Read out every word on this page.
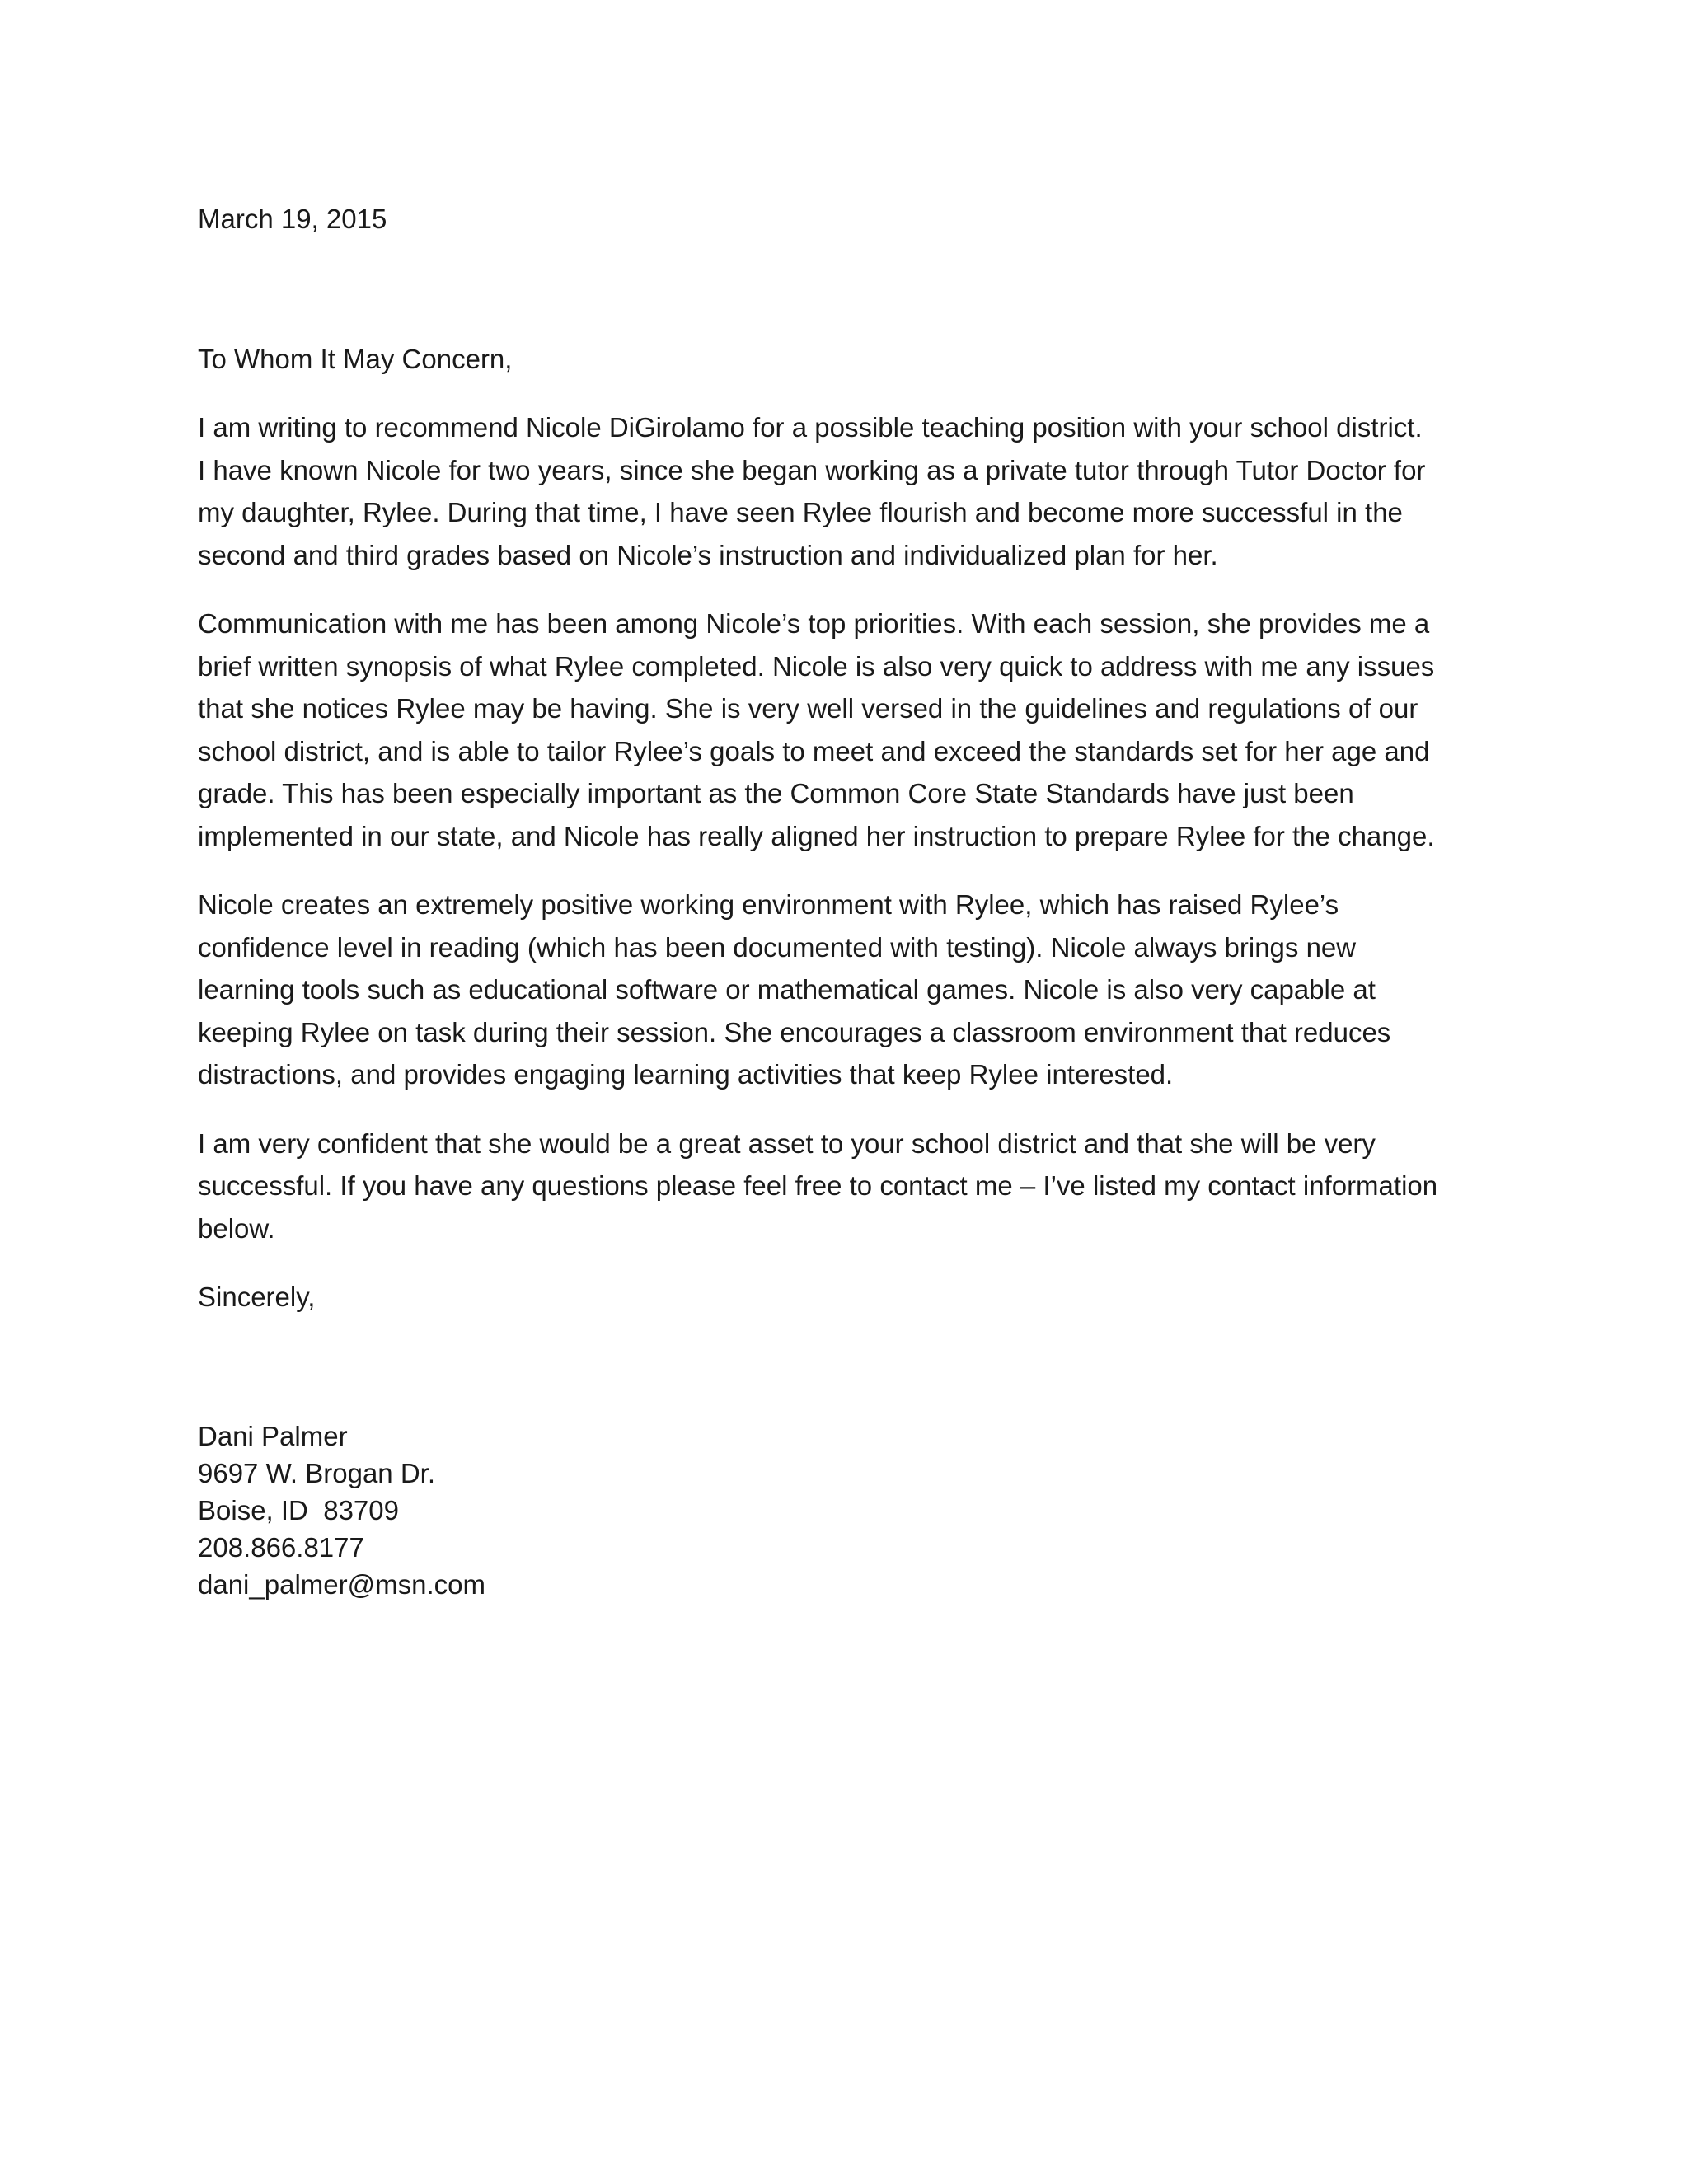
March 19, 2015

To Whom It May Concern,

I am writing to recommend Nicole DiGirolamo for a possible teaching position with your school district.
I have known Nicole for two years, since she began working as a private tutor through Tutor Doctor for
my daughter, Rylee. During that time, I have seen Rylee flourish and become more successful in the
second and third grades based on Nicole’s instruction and individualized plan for her.

Communication with me has been among Nicole’s top priorities. With each session, she provides me a
brief written synopsis of what Rylee completed. Nicole is also very quick to address with me any issues
that she notices Rylee may be having. She is very well versed in the guidelines and regulations of our
school district, and is able to tailor Rylee’s goals to meet and exceed the standards set for her age and
grade. This has been especially important as the Common Core State Standards have just been
implemented in our state, and Nicole has really aligned her instruction to prepare Rylee for the change.

Nicole creates an extremely positive working environment with Rylee, which has raised Rylee’s
confidence level in reading (which has been documented with testing). Nicole always brings new
learning tools such as educational software or mathematical games. Nicole is also very capable at
keeping Rylee on task during their session. She encourages a classroom environment that reduces
distractions, and provides engaging learning activities that keep Rylee interested.

I am very confident that she would be a great asset to your school district and that she will be very
successful. If you have any questions please feel free to contact me – I’ve listed my contact information
below.

Sincerely,

Dani Palmer
9697 W. Brogan Dr.
Boise, ID  83709
208.866.8177
dani_palmer@msn.com
